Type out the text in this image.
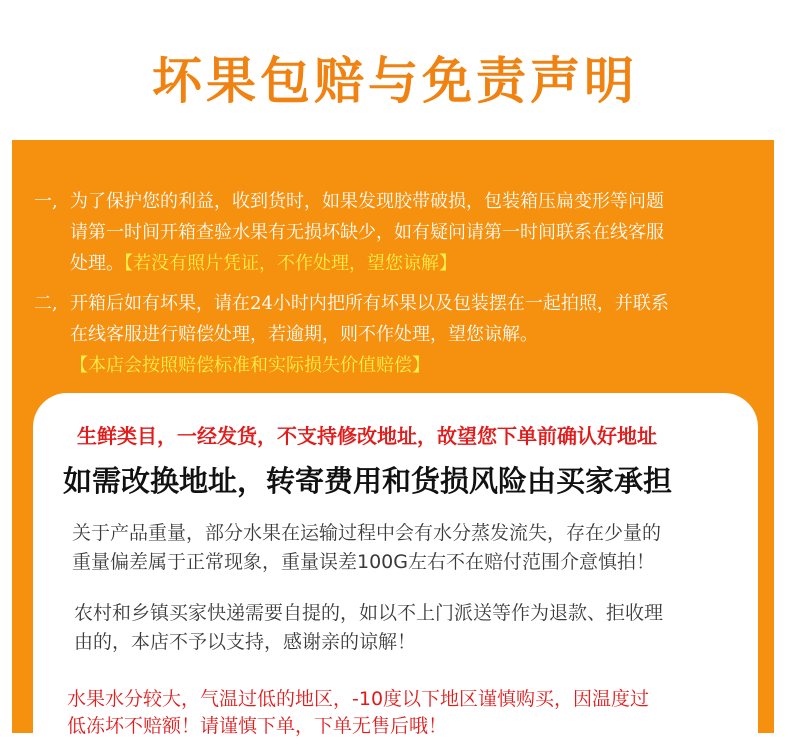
坏果包赔与免责声明
一, 为了保护您的利益，收到货时，如果发现胶带破损，包装箱压扁变形等问题
请第一时间开箱查验水果有无损坏缺少，如有疑问请第一时间联系在线客服
处理。【若没有照片凭证，不作处理，望您谅解】
二, 开箱后如有坏果，请在24小时内把所有坏果以及包装摆在一起拍照，并联系
在线客服进行赔偿处理，若逾期，则不作处理，望您谅解。
【本店会按照赔偿标准和实际损失价值赔偿】
生鲜类目，一经发货，不支持修改地址，故望您下单前确认好地址
如需改换地址，转寄费用和货损风险由买家承担
关于产品重量，部分水果在运输过程中会有水分蒸发流失，存在少量的
重量偏差属于正常现象，重量误差100G左右不在赔付范围介意慎拍！
农村和乡镇买家快递需要自提的，如以不上门派送等作为退款、拒收理
由的，本店不予以支持，感谢亲的谅解！
水果水分较大，气温过低的地区，-10度以下地区谨慎购买，因温度过
低冻坏不赔额！请谨慎下单，下单无售后哦！
